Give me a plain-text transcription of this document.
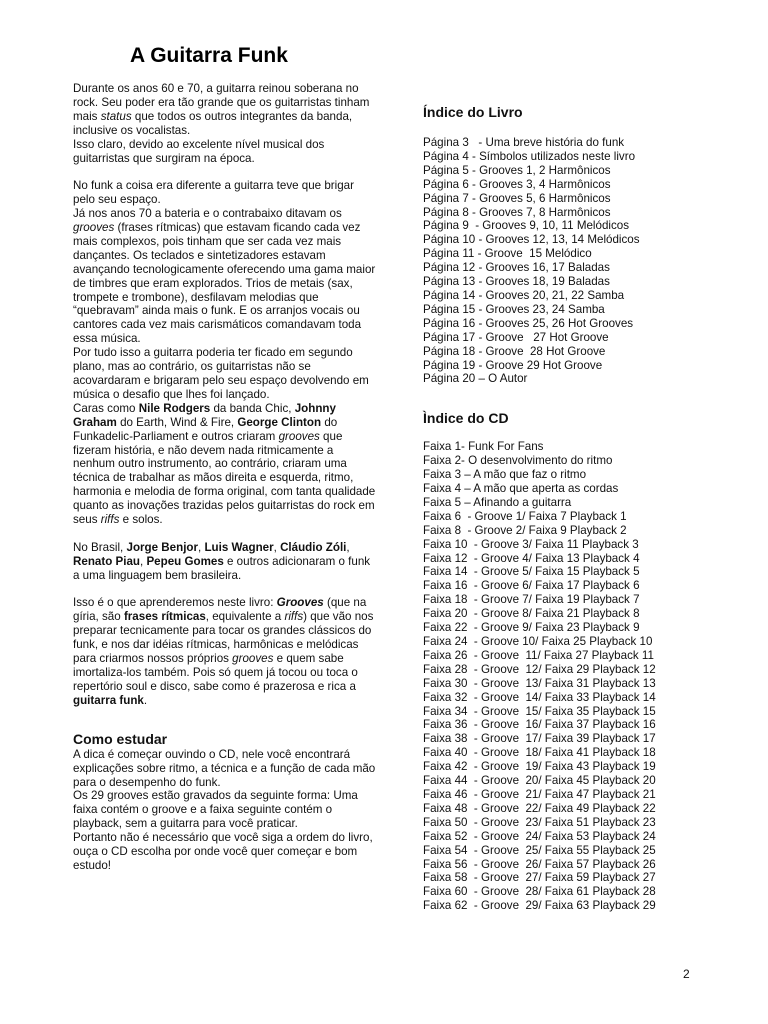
A Guitarra Funk

Durante os anos 60 e 70, a guitarra reinou soberana no rock. Seu poder era tão grande que os guitarristas tinham mais status que todos os outros integrantes da banda, inclusive os vocalistas.

Isso claro, devido ao excelente nível musical dos guitarristas que surgiram na época.

No funk a coisa era diferente a guitarra teve que brigar pelo seu espaço.

Já nos anos 70 a bateria e o contrabaixo ditavam os grooves (frases rítmicas) que estavam ficando cada vez mais complexos, pois tinham que ser cada vez mais dançantes. Os teclados e sintetizadores estavam avançando tecnologicamente oferecendo uma gama maior de timbres que eram explorados. Trios de metais (sax, trompete e trombone), desfilavam melodias que “quebravam” ainda mais o funk. E os arranjos vocais ou cantores cada vez mais carismáticos comandavam toda essa música.

Por tudo isso a guitarra poderia ter ficado em segundo plano, mas ao contrário, os guitarristas não se acovardaram e brigaram pelo seu espaço devolvendo em música o desafio que lhes foi lançado.

Caras como Nile Rodgers da banda Chic, Johnny Graham do Earth, Wind & Fire, George Clinton do Funkadelic-Parliament e outros criaram grooves que fizeram história, e não devem nada ritmicamente a nenhum outro instrumento, ao contrário, criaram uma técnica de trabalhar as mãos direita e esquerda, ritmo, harmonia e melodia de forma original, com tanta qualidade quanto as inovações trazidas pelos guitarristas do rock em seus riffs e solos.

No Brasil, Jorge Benjor, Luis Wagner, Cláudio Zóli, Renato Piau, Pepeu Gomes e outros adicionaram o funk a uma linguagem bem brasileira.

Isso é o que aprenderemos neste livro: Grooves (que na gíria, são frases rítmicas, equivalente a riffs) que vão nos preparar tecnicamente para tocar os grandes clássicos do funk, e nos dar idéias rítmicas, harmônicas e melódicas para criarmos nossos próprios grooves e quem sabe imortaliza-los também. Pois só quem já tocou ou toca o repertório soul e disco, sabe como é prazerosa e rica a guitarra funk.

Como estudar

A dica é começar ouvindo o CD, nele você encontrará explicações sobre ritmo, a técnica e a função de cada mão para o desempenho do funk.

Os 29 grooves estão gravados da seguinte forma: Uma faixa contém o groove e a faixa seguinte contém o playback, sem a guitarra para você praticar.

Portanto não é necessário que você siga a ordem do livro, ouça o CD escolha por onde você quer começar e bom estudo!

Índice do Livro
Página 3   - Uma breve história do funk
Página 4 - Símbolos utilizados neste livro
Página 5 - Grooves 1, 2 Harmônicos
Página 6 - Grooves 3, 4 Harmônicos
Página 7 - Grooves 5, 6 Harmônicos
Página 8 - Grooves 7, 8 Harmônicos
Página 9  - Grooves 9, 10, 11 Melódicos
Página 10 - Grooves 12, 13, 14 Melódicos
Página 11 - Groove  15 Melódico
Página 12 - Grooves 16, 17 Baladas
Página 13 - Grooves 18, 19 Baladas
Página 14 - Grooves 20, 21, 22 Samba
Página 15 - Grooves 23, 24 Samba
Página 16 - Grooves 25, 26 Hot Grooves
Página 17 - Groove   27 Hot Groove
Página 18 - Groove  28 Hot Groove
Página 19 - Groove 29 Hot Groove
Página 20 – O Autor
Ìndice do CD
Faixa 1- Funk For Fans
Faixa 2- O desenvolvimento do ritmo
Faixa 3 – A mão que faz o ritmo
Faixa 4 – A mão que aperta as cordas
Faixa 5 – Afinando a guitarra
Faixa 6  - Groove 1/ Faixa 7 Playback 1
Faixa 8  - Groove 2/ Faixa 9 Playback 2
Faixa 10  - Groove 3/ Faixa 11 Playback 3
Faixa 12  - Groove 4/ Faixa 13 Playback 4
Faixa 14  - Groove 5/ Faixa 15 Playback 5
Faixa 16  - Groove 6/ Faixa 17 Playback 6
Faixa 18  - Groove 7/ Faixa 19 Playback 7
Faixa 20  - Groove 8/ Faixa 21 Playback 8
Faixa 22  - Groove 9/ Faixa 23 Playback 9
Faixa 24  - Groove 10/ Faixa 25 Playback 10
Faixa 26  - Groove  11/ Faixa 27 Playback 11
Faixa 28  - Groove  12/ Faixa 29 Playback 12
Faixa 30  - Groove  13/ Faixa 31 Playback 13
Faixa 32  - Groove  14/ Faixa 33 Playback 14
Faixa 34  - Groove  15/ Faixa 35 Playback 15
Faixa 36  - Groove  16/ Faixa 37 Playback 16
Faixa 38  - Groove  17/ Faixa 39 Playback 17
Faixa 40  - Groove  18/ Faixa 41 Playback 18
Faixa 42  - Groove  19/ Faixa 43 Playback 19
Faixa 44  - Groove  20/ Faixa 45 Playback 20
Faixa 46  - Groove  21/ Faixa 47 Playback 21
Faixa 48  - Groove  22/ Faixa 49 Playback 22
Faixa 50  - Groove  23/ Faixa 51 Playback 23
Faixa 52  - Groove  24/ Faixa 53 Playback 24
Faixa 54  - Groove  25/ Faixa 55 Playback 25
Faixa 56  - Groove  26/ Faixa 57 Playback 26
Faixa 58  - Groove  27/ Faixa 59 Playback 27
Faixa 60  - Groove  28/ Faixa 61 Playback 28
Faixa 62  - Groove  29/ Faixa 63 Playback 29
2
